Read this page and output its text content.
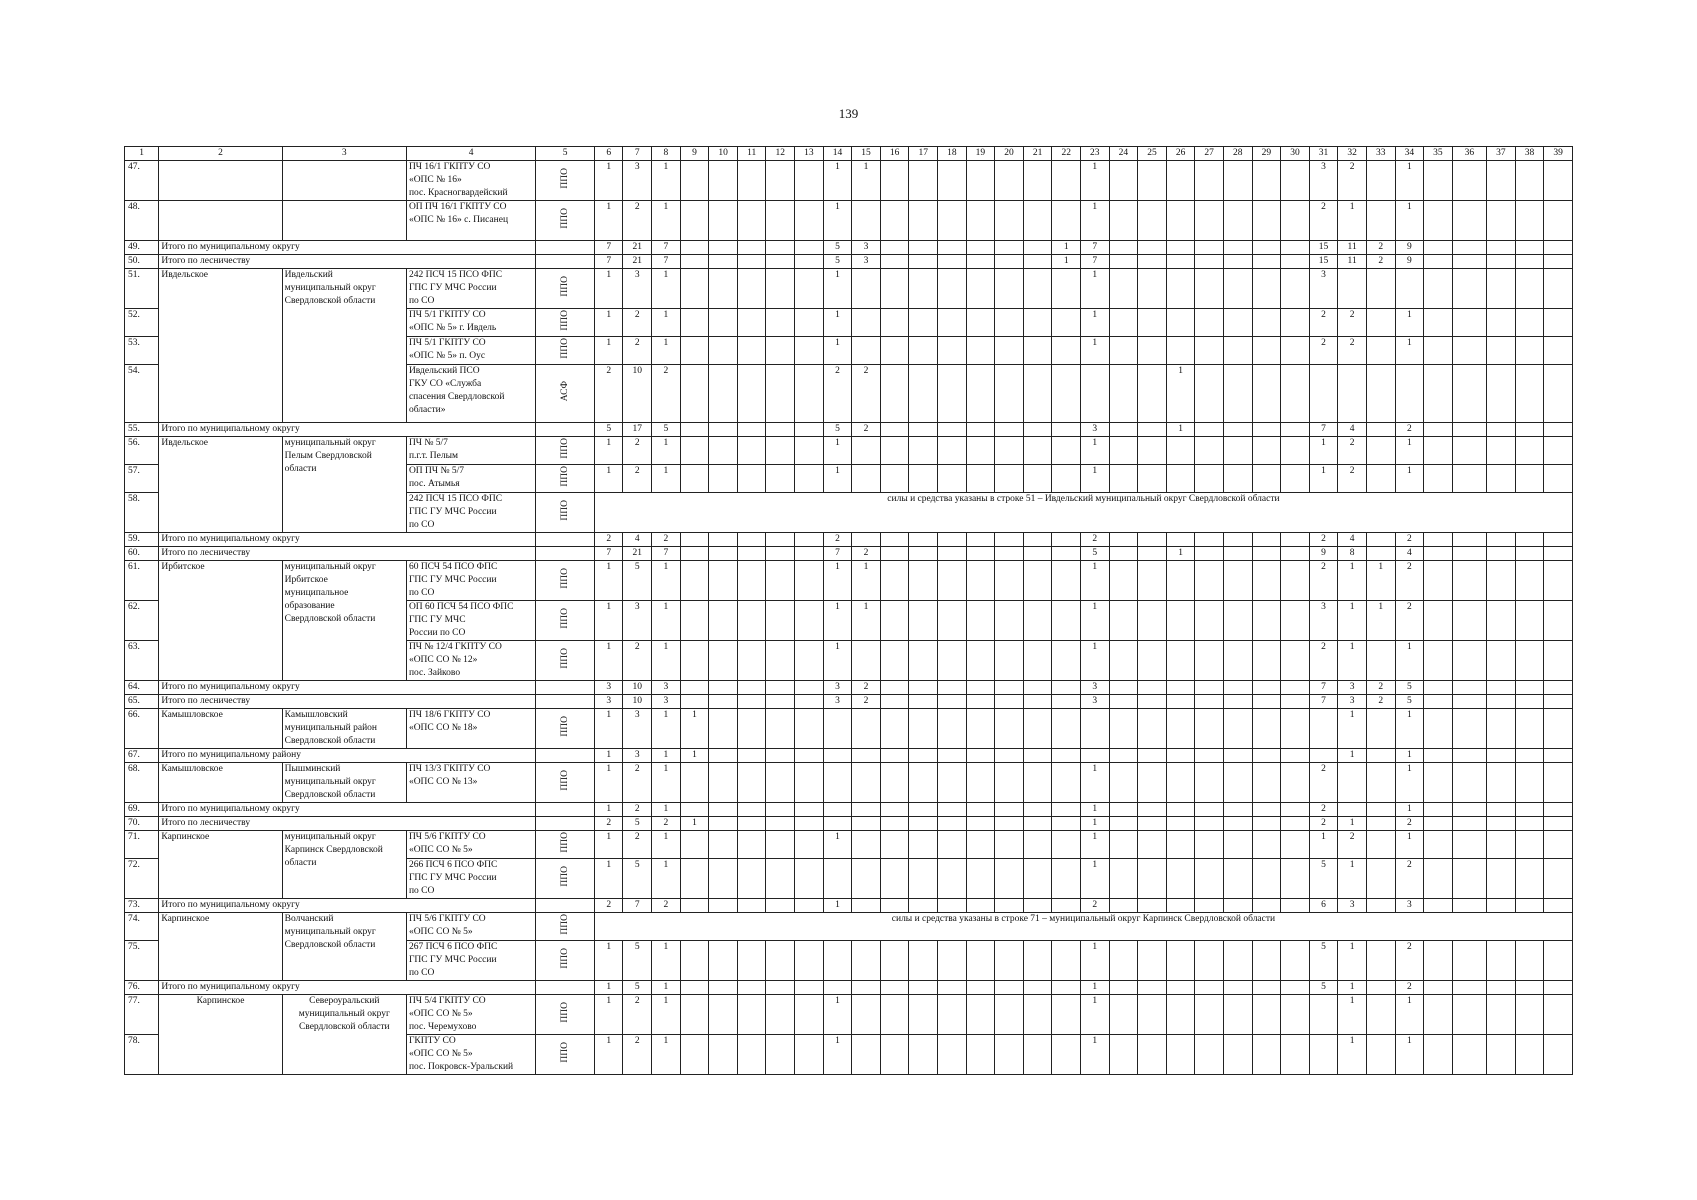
139
1	2	3	4	5	6	7	8	9	10	11	12	13	14	15	16	17	18	19	20	21	22	23	24	25	26	27	28	29	30	31	32	33	34	35	36	37	38	39
47.			ПЧ 16/1 ГКПТУ СО
«ОПС № 16»
пос. Красногвардейский	ППО	1	3	1						1	1								1								3	2		1					
48.			ОП ПЧ 16/1 ГКПТУ СО
«ОПС № 16» с. Писанец	ППО	1	2	1						1									1								2	1		1					
49.	Итого по муниципальному округу				7	21	7						5	3							1	7								15	11	2	9					
50.	Итого по лесничеству				7	21	7						5	3							1	7								15	11	2	9					
51.	Ивдельское	Ивдельский
муниципальный округ
Свердловской области	242 ПСЧ 15 ПСО ФПС
ГПС ГУ МЧС России
по СО	ППО	1	3	1						1									1								3								
52.			ПЧ 5/1 ГКПТУ СО
«ОПС № 5» г. Ивдель	ППО	1	2	1						1									1								2	2		1					
53.			ПЧ 5/1 ГКПТУ СО
«ОПС № 5» п. Оус	ППО	1	2	1						1									1								2	2		1					
54.			Ивдельский ПСО
ГКУ СО «Служба
спасения Свердловской
области»	АСФ	2	10	2						2	2											1													
55.	Итого по муниципальному округу				5	17	5						5	2								3			1					7	4		2					
56.	Ивдельское	муниципальный округ
Пелым Свердловской
области	ПЧ № 5/7
п.г.т. Пелым	ППО	1	2	1						1									1								1	2		1					
57.			ОП ПЧ № 5/7
пос. Атымья	ППО	1	2	1						1									1								1	2		1					
58.			242 ПСЧ 15 ПСО ФПС
ГПС ГУ МЧС России
по СО	ППО	силы и средства указаны в строке 51 – Ивдельский муниципальный округ Свердловской области																																	
59.	Итого по муниципальному округу				2	4	2						2									2								2	4		2					
60.	Итого по лесничеству				7	21	7						7	2								5			1					9	8		4					
61.	Ирбитское	муниципальный округ
Ирбитское
муниципальное
образование
Свердловской области	60 ПСЧ 54 ПСО ФПС
ГПС ГУ МЧС России
по СО	ППО	1	5	1						1	1								1								2	1	1	2					
62.			ОП 60 ПСЧ 54 ПСО ФПС
ГПС ГУ МЧС
России по СО	ППО	1	3	1						1	1								1								3	1	1	2					
63.			ПЧ № 12/4 ГКПТУ СО
«ОПС СО № 12»
пос. Зайково	ППО	1	2	1						1									1								2	1		1					
64.	Итого по муниципальному округу				3	10	3						3	2								3								7	3	2	5					
65.	Итого по лесничеству				3	10	3						3	2								3								7	3	2	5					
66.	Камышловское	Камышловский
муниципальный район
Свердловской области	ПЧ 18/6 ГКПТУ СО
«ОПС СО № 18»	ППО	1	3	1	1																							1		1					
67.	Итого по муниципальному району				1	3	1	1																							1		1					
68.	Камышловское	Пышминский
муниципальный округ
Свердловской области	ПЧ 13/3 ГКПТУ СО
«ОПС СО № 13»	ППО	1	2	1															1								2			1					
69.	Итого по муниципальному округу				1	2	1															1								2			1					
70.	Итого по лесничеству				2	5	2	1														1								2	1		2					
71.	Карпинское	муниципальный округ
Карпинск Свердловской
области	ПЧ 5/6 ГКПТУ СО
«ОПС СО № 5»	ППО	1	2	1						1									1								1	2		1					
72.			266 ПСЧ 6 ПСО ФПС
ГПС ГУ МЧС России
по СО	ППО	1	5	1															1								5	1		2					
73.	Итого по муниципальному округу				2	7	2						1									2								6	3		3					
74.	Карпинское	Волчанский
муниципальный округ
Свердловской области	ПЧ 5/6 ГКПТУ СО
«ОПС СО № 5»	ППО	силы и средства указаны в строке 71 – муниципальный округ Карпинск Свердловской области																																	
75.			267 ПСЧ 6 ПСО ФПС
ГПС ГУ МЧС России
по СО	ППО	1	5	1															1								5	1		2					
76.	Итого по муниципальному округу				1	5	1															1								5	1		2					
77.	Карпинское	Североуральский
муниципальный округ
Свердловской области	ПЧ 5/4 ГКПТУ СО
«ОПС СО № 5»
пос. Черемухово	ППО	1	2	1						1									1									1		1					
78.			ГКПТУ СО
«ОПС СО № 5»
пос. Покровск-Уральский	ППО	1	2	1						1									1									1		1					
